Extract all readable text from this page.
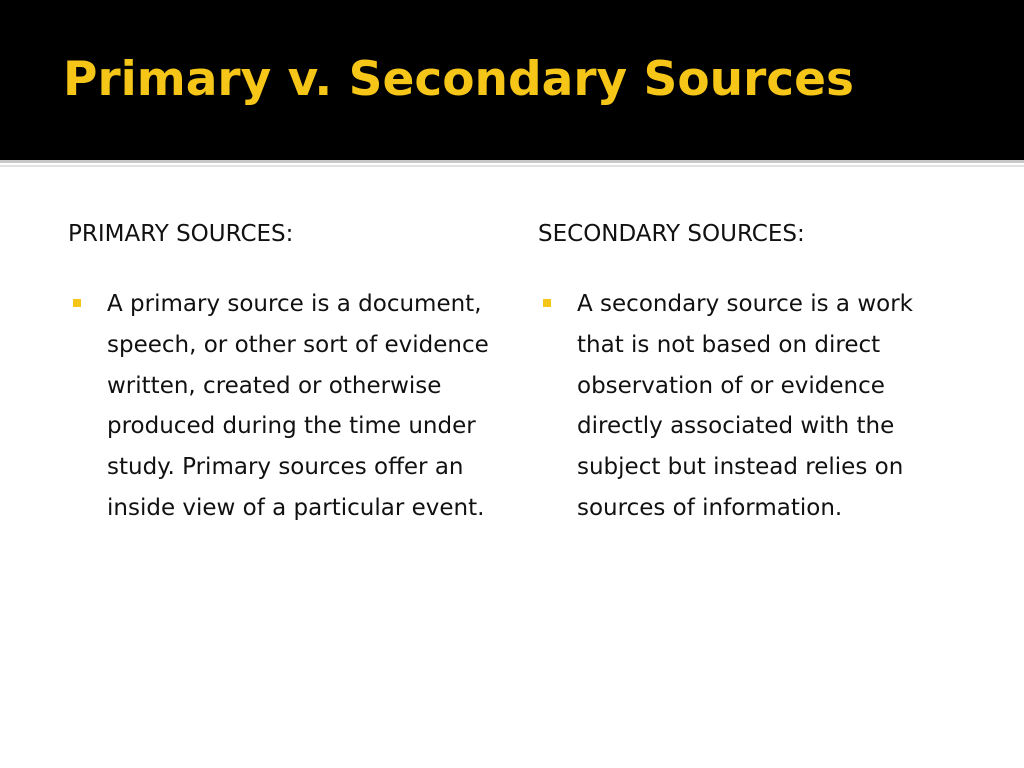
Primary v. Secondary Sources
PRIMARY SOURCES:
A primary source is a document, speech, or other sort of evidence written, created or otherwise produced during the time under study. Primary sources offer an inside view of a particular event.
SECONDARY SOURCES:
A secondary source is a work that is not based on direct observation of or evidence directly associated with the subject but instead relies on sources of information.
